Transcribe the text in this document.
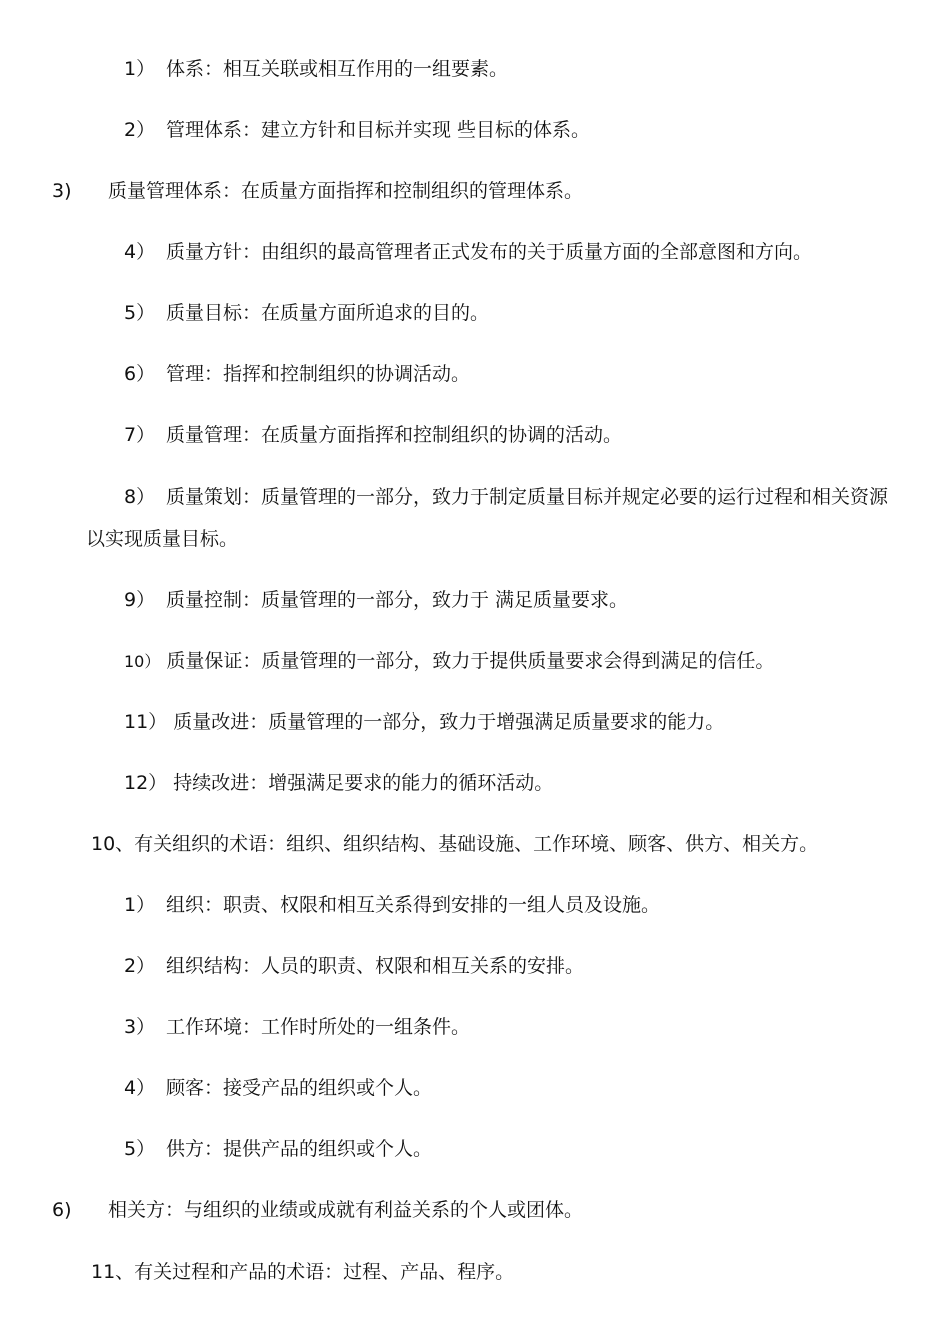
1） 体系：相互关联或相互作用的一组要素。
2） 管理体系：建立方针和目标并实现 些目标的体系。
3) 质量管理体系：在质量方面指挥和控制组织的管理体系。
4） 质量方针：由组织的最高管理者正式发布的关于质量方面的全部意图和方向。
5） 质量目标：在质量方面所追求的目的。
6） 管理：指挥和控制组织的协调活动。
7） 质量管理：在质量方面指挥和控制组织的协调的活动。
8） 质量策划：质量管理的一部分，致力于制定质量目标并规定必要的运行过程和相关资源
以实现质量目标。
9） 质量控制：质量管理的一部分，致力于 满足质量要求。
10） 质量保证：质量管理的一部分，致力于提供质量要求会得到满足的信任。
11） 质量改进：质量管理的一部分，致力于增强满足质量要求的能力。
12） 持续改进：增强满足要求的能力的循环活动。
10、有关组织的术语：组织、组织结构、基础设施、工作环境、顾客、供方、相关方。
1） 组织：职责、权限和相互关系得到安排的一组人员及设施。
2） 组织结构：人员的职责、权限和相互关系的安排。
3） 工作环境：工作时所处的一组条件。
4） 顾客：接受产品的组织或个人。
5） 供方：提供产品的组织或个人。
6) 相关方：与组织的业绩或成就有利益关系的个人或团体。
11、有关过程和产品的术语：过程、产品、程序。
